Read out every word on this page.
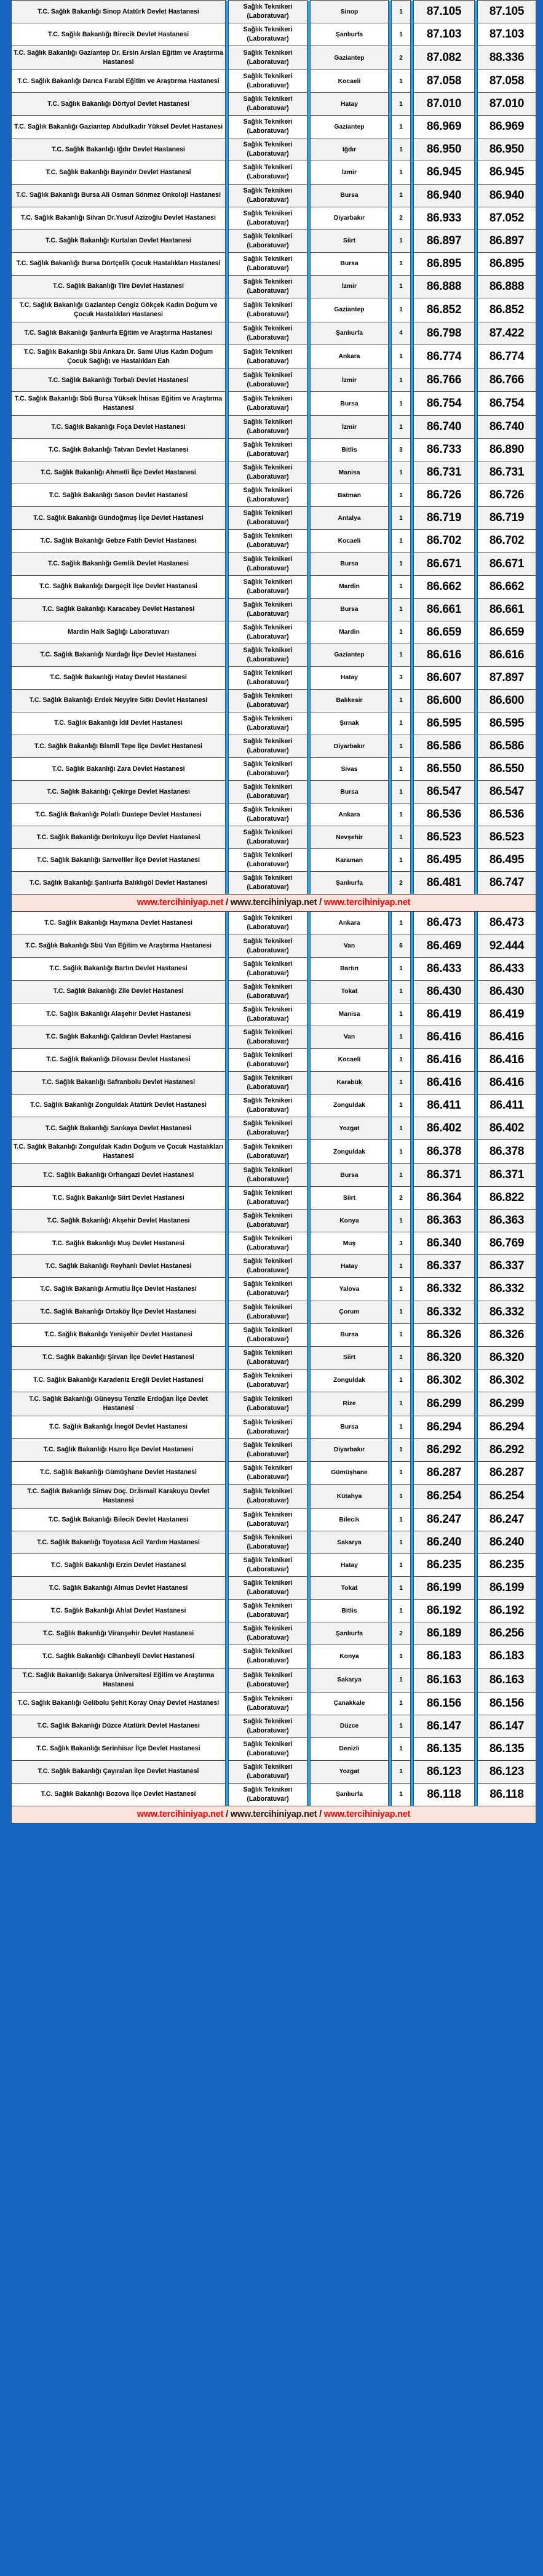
T.C. Sağlık Bakanlığı Sinop Atatürk Devlet Hastanesi		Sağlık Teknikeri (Laboratuvar)		Sinop		1		87.105		87.105
T.C. Sağlık Bakanlığı Birecik Devlet Hastanesi		Sağlık Teknikeri (Laboratuvar)		Şanlıurfa		1		87.103		87.103
T.C. Sağlık Bakanlığı Gaziantep Dr. Ersin Arslan Eğitim ve Araştırma Hastanesi		Sağlık Teknikeri (Laboratuvar)		Gaziantep		2		87.082		88.336
T.C. Sağlık Bakanlığı Darıca Farabi Eğitim ve Araştırma Hastanesi		Sağlık Teknikeri (Laboratuvar)		Kocaeli		1		87.058		87.058
T.C. Sağlık Bakanlığı Dörtyol Devlet Hastanesi		Sağlık Teknikeri (Laboratuvar)		Hatay		1		87.010		87.010
T.C. Sağlık Bakanlığı Gaziantep Abdulkadir Yüksel Devlet Hastanesi		Sağlık Teknikeri (Laboratuvar)		Gaziantep		1		86.969		86.969
T.C. Sağlık Bakanlığı Iğdır Devlet Hastanesi		Sağlık Teknikeri (Laboratuvar)		Iğdır		1		86.950		86.950
T.C. Sağlık Bakanlığı Bayındır Devlet Hastanesi		Sağlık Teknikeri (Laboratuvar)		İzmir		1		86.945		86.945
T.C. Sağlık Bakanlığı Bursa Ali Osman Sönmez Onkoloji Hastanesi		Sağlık Teknikeri (Laboratuvar)		Bursa		1		86.940		86.940
T.C. Sağlık Bakanlığı Silvan Dr.Yusuf Azizoğlu Devlet Hastanesi		Sağlık Teknikeri (Laboratuvar)		Diyarbakır		2		86.933		87.052
T.C. Sağlık Bakanlığı Kurtalan Devlet Hastanesi		Sağlık Teknikeri (Laboratuvar)		Siirt		1		86.897		86.897
T.C. Sağlık Bakanlığı Bursa Dörtçelik Çocuk Hastalıkları Hastanesi		Sağlık Teknikeri (Laboratuvar)		Bursa		1		86.895		86.895
T.C. Sağlık Bakanlığı Tire Devlet Hastanesi		Sağlık Teknikeri (Laboratuvar)		İzmir		1		86.888		86.888
T.C. Sağlık Bakanlığı Gaziantep Cengiz Gökçek Kadın Doğum ve Çocuk Hastalıkları Hastanesi		Sağlık Teknikeri (Laboratuvar)		Gaziantep		1		86.852		86.852
T.C. Sağlık Bakanlığı Şanlıurfa Eğitim ve Araştırma Hastanesi		Sağlık Teknikeri (Laboratuvar)		Şanlıurfa		4		86.798		87.422
T.C. Sağlık Bakanlığı Sbü Ankara Dr. Sami Ulus Kadın Doğum Çocuk Sağlığı ve Hastalıkları Eah		Sağlık Teknikeri (Laboratuvar)		Ankara		1		86.774		86.774
T.C. Sağlık Bakanlığı Torbalı Devlet Hastanesi		Sağlık Teknikeri (Laboratuvar)		İzmir		1		86.766		86.766
T.C. Sağlık Bakanlığı Sbü Bursa Yüksek İhtisas Eğitim ve Araştırma Hastanesi		Sağlık Teknikeri (Laboratuvar)		Bursa		1		86.754		86.754
T.C. Sağlık Bakanlığı Foça Devlet Hastanesi		Sağlık Teknikeri (Laboratuvar)		İzmir		1		86.740		86.740
T.C. Sağlık Bakanlığı Tatvan Devlet Hastanesi		Sağlık Teknikeri (Laboratuvar)		Bitlis		3		86.733		86.890
T.C. Sağlık Bakanlığı Ahmetli İlçe Devlet Hastanesi		Sağlık Teknikeri (Laboratuvar)		Manisa		1		86.731		86.731
T.C. Sağlık Bakanlığı Sason Devlet Hastanesi		Sağlık Teknikeri (Laboratuvar)		Batman		1		86.726		86.726
T.C. Sağlık Bakanlığı Gündoğmuş İlçe Devlet Hastanesi		Sağlık Teknikeri (Laboratuvar)		Antalya		1		86.719		86.719
T.C. Sağlık Bakanlığı Gebze Fatih Devlet Hastanesi		Sağlık Teknikeri (Laboratuvar)		Kocaeli		1		86.702		86.702
T.C. Sağlık Bakanlığı Gemlik Devlet Hastanesi		Sağlık Teknikeri (Laboratuvar)		Bursa		1		86.671		86.671
T.C. Sağlık Bakanlığı Dargeçit İlçe Devlet Hastanesi		Sağlık Teknikeri (Laboratuvar)		Mardin		1		86.662		86.662
T.C. Sağlık Bakanlığı Karacabey Devlet Hastanesi		Sağlık Teknikeri (Laboratuvar)		Bursa		1		86.661		86.661
Mardin Halk Sağlığı Laboratuvarı		Sağlık Teknikeri (Laboratuvar)		Mardin		1		86.659		86.659
T.C. Sağlık Bakanlığı Nurdağı İlçe Devlet Hastanesi		Sağlık Teknikeri (Laboratuvar)		Gaziantep		1		86.616		86.616
T.C. Sağlık Bakanlığı Hatay Devlet Hastanesi		Sağlık Teknikeri (Laboratuvar)		Hatay		3		86.607		87.897
T.C. Sağlık Bakanlığı Erdek Neyyire Sıtkı Devlet Hastanesi		Sağlık Teknikeri (Laboratuvar)		Balıkesir		1		86.600		86.600
T.C. Sağlık Bakanlığı İdil Devlet Hastanesi		Sağlık Teknikeri (Laboratuvar)		Şırnak		1		86.595		86.595
T.C. Sağlık Bakanlığı Bismil Tepe İlçe Devlet Hastanesi		Sağlık Teknikeri (Laboratuvar)		Diyarbakır		1		86.586		86.586
T.C. Sağlık Bakanlığı Zara Devlet Hastanesi		Sağlık Teknikeri (Laboratuvar)		Sivas		1		86.550		86.550
T.C. Sağlık Bakanlığı Çekirge Devlet Hastanesi		Sağlık Teknikeri (Laboratuvar)		Bursa		1		86.547		86.547
T.C. Sağlık Bakanlığı Polatlı Duatepe Devlet Hastanesi		Sağlık Teknikeri (Laboratuvar)		Ankara		1		86.536		86.536
T.C. Sağlık Bakanlığı Derinkuyu İlçe Devlet Hastanesi		Sağlık Teknikeri (Laboratuvar)		Nevşehir		1		86.523		86.523
T.C. Sağlık Bakanlığı Sarıveliler İlçe Devlet Hastanesi		Sağlık Teknikeri (Laboratuvar)		Karaman		1		86.495		86.495
T.C. Sağlık Bakanlığı Şanlıurfa Balıklıgöl Devlet Hastanesi		Sağlık Teknikeri (Laboratuvar)		Şanlıurfa		2		86.481		86.747
www.tercihiniyap.net / www.tercihiniyap.net / www.tercihiniyap.net										
T.C. Sağlık Bakanlığı Haymana Devlet Hastanesi		Sağlık Teknikeri (Laboratuvar)		Ankara		1		86.473		86.473
T.C. Sağlık Bakanlığı Sbü Van Eğitim ve Araştırma Hastanesi		Sağlık Teknikeri (Laboratuvar)		Van		6		86.469		92.444
T.C. Sağlık Bakanlığı Bartın Devlet Hastanesi		Sağlık Teknikeri (Laboratuvar)		Bartın		1		86.433		86.433
T.C. Sağlık Bakanlığı Zile Devlet Hastanesi		Sağlık Teknikeri (Laboratuvar)		Tokat		1		86.430		86.430
T.C. Sağlık Bakanlığı Alaşehir Devlet Hastanesi		Sağlık Teknikeri (Laboratuvar)		Manisa		1		86.419		86.419
T.C. Sağlık Bakanlığı Çaldıran Devlet Hastanesi		Sağlık Teknikeri (Laboratuvar)		Van		1		86.416		86.416
T.C. Sağlık Bakanlığı Dilovası Devlet Hastanesi		Sağlık Teknikeri (Laboratuvar)		Kocaeli		1		86.416		86.416
T.C. Sağlık Bakanlığı Safranbolu Devlet Hastanesi		Sağlık Teknikeri (Laboratuvar)		Karabük		1		86.416		86.416
T.C. Sağlık Bakanlığı Zonguldak Atatürk Devlet Hastanesi		Sağlık Teknikeri (Laboratuvar)		Zonguldak		1		86.411		86.411
T.C. Sağlık Bakanlığı Sarıkaya Devlet Hastanesi		Sağlık Teknikeri (Laboratuvar)		Yozgat		1		86.402		86.402
T.C. Sağlık Bakanlığı Zonguldak Kadın Doğum ve Çocuk Hastalıkları Hastanesi		Sağlık Teknikeri (Laboratuvar)		Zonguldak		1		86.378		86.378
T.C. Sağlık Bakanlığı Orhangazi Devlet Hastanesi		Sağlık Teknikeri (Laboratuvar)		Bursa		1		86.371		86.371
T.C. Sağlık Bakanlığı Siirt Devlet Hastanesi		Sağlık Teknikeri (Laboratuvar)		Siirt		2		86.364		86.822
T.C. Sağlık Bakanlığı Akşehir Devlet Hastanesi		Sağlık Teknikeri (Laboratuvar)		Konya		1		86.363		86.363
T.C. Sağlık Bakanlığı Muş Devlet Hastanesi		Sağlık Teknikeri (Laboratuvar)		Muş		3		86.340		86.769
T.C. Sağlık Bakanlığı Reyhanlı Devlet Hastanesi		Sağlık Teknikeri (Laboratuvar)		Hatay		1		86.337		86.337
T.C. Sağlık Bakanlığı Armutlu İlçe Devlet Hastanesi		Sağlık Teknikeri (Laboratuvar)		Yalova		1		86.332		86.332
T.C. Sağlık Bakanlığı Ortaköy İlçe Devlet Hastanesi		Sağlık Teknikeri (Laboratuvar)		Çorum		1		86.332		86.332
T.C. Sağlık Bakanlığı Yenişehir Devlet Hastanesi		Sağlık Teknikeri (Laboratuvar)		Bursa		1		86.326		86.326
T.C. Sağlık Bakanlığı Şirvan İlçe Devlet Hastanesi		Sağlık Teknikeri (Laboratuvar)		Siirt		1		86.320		86.320
T.C. Sağlık Bakanlığı Karadeniz Ereğli Devlet Hastanesi		Sağlık Teknikeri (Laboratuvar)		Zonguldak		1		86.302		86.302
T.C. Sağlık Bakanlığı Güneysu Tenzile Erdoğan İlçe Devlet Hastanesi		Sağlık Teknikeri (Laboratuvar)		Rize		1		86.299		86.299
T.C. Sağlık Bakanlığı İnegöl Devlet Hastanesi		Sağlık Teknikeri (Laboratuvar)		Bursa		1		86.294		86.294
T.C. Sağlık Bakanlığı Hazro İlçe Devlet Hastanesi		Sağlık Teknikeri (Laboratuvar)		Diyarbakır		1		86.292		86.292
T.C. Sağlık Bakanlığı Gümüşhane Devlet Hastanesi		Sağlık Teknikeri (Laboratuvar)		Gümüşhane		1		86.287		86.287
T.C. Sağlık Bakanlığı Simav Doç. Dr.İsmail Karakuyu Devlet Hastanesi		Sağlık Teknikeri (Laboratuvar)		Kütahya		1		86.254		86.254
T.C. Sağlık Bakanlığı Bilecik Devlet Hastanesi		Sağlık Teknikeri (Laboratuvar)		Bilecik		1		86.247		86.247
T.C. Sağlık Bakanlığı Toyotasa Acil Yardım Hastanesi		Sağlık Teknikeri (Laboratuvar)		Sakarya		1		86.240		86.240
T.C. Sağlık Bakanlığı Erzin Devlet Hastanesi		Sağlık Teknikeri (Laboratuvar)		Hatay		1		86.235		86.235
T.C. Sağlık Bakanlığı Almus Devlet Hastanesi		Sağlık Teknikeri (Laboratuvar)		Tokat		1		86.199		86.199
T.C. Sağlık Bakanlığı Ahlat Devlet Hastanesi		Sağlık Teknikeri (Laboratuvar)		Bitlis		1		86.192		86.192
T.C. Sağlık Bakanlığı Viranşehir Devlet Hastanesi		Sağlık Teknikeri (Laboratuvar)		Şanlıurfa		2		86.189		86.256
T.C. Sağlık Bakanlığı Cihanbeyli Devlet Hastanesi		Sağlık Teknikeri (Laboratuvar)		Konya		1		86.183		86.183
T.C. Sağlık Bakanlığı Sakarya Üniversitesi Eğitim ve Araştırma Hastanesi		Sağlık Teknikeri (Laboratuvar)		Sakarya		1		86.163		86.163
T.C. Sağlık Bakanlığı Gelibolu Şehit Koray Onay Devlet Hastanesi		Sağlık Teknikeri (Laboratuvar)		Çanakkale		1		86.156		86.156
T.C. Sağlık Bakanlığı Düzce Atatürk Devlet Hastanesi		Sağlık Teknikeri (Laboratuvar)		Düzce		1		86.147		86.147
T.C. Sağlık Bakanlığı Serinhisar İlçe Devlet Hastanesi		Sağlık Teknikeri (Laboratuvar)		Denizli		1		86.135		86.135
T.C. Sağlık Bakanlığı Çayıralan İlçe Devlet Hastanesi		Sağlık Teknikeri (Laboratuvar)		Yozgat		1		86.123		86.123
T.C. Sağlık Bakanlığı Bozova İlçe Devlet Hastanesi		Sağlık Teknikeri (Laboratuvar)		Şanlıurfa		1		86.118		86.118
www.tercihiniyap.net / www.tercihiniyap.net / www.tercihiniyap.net										
